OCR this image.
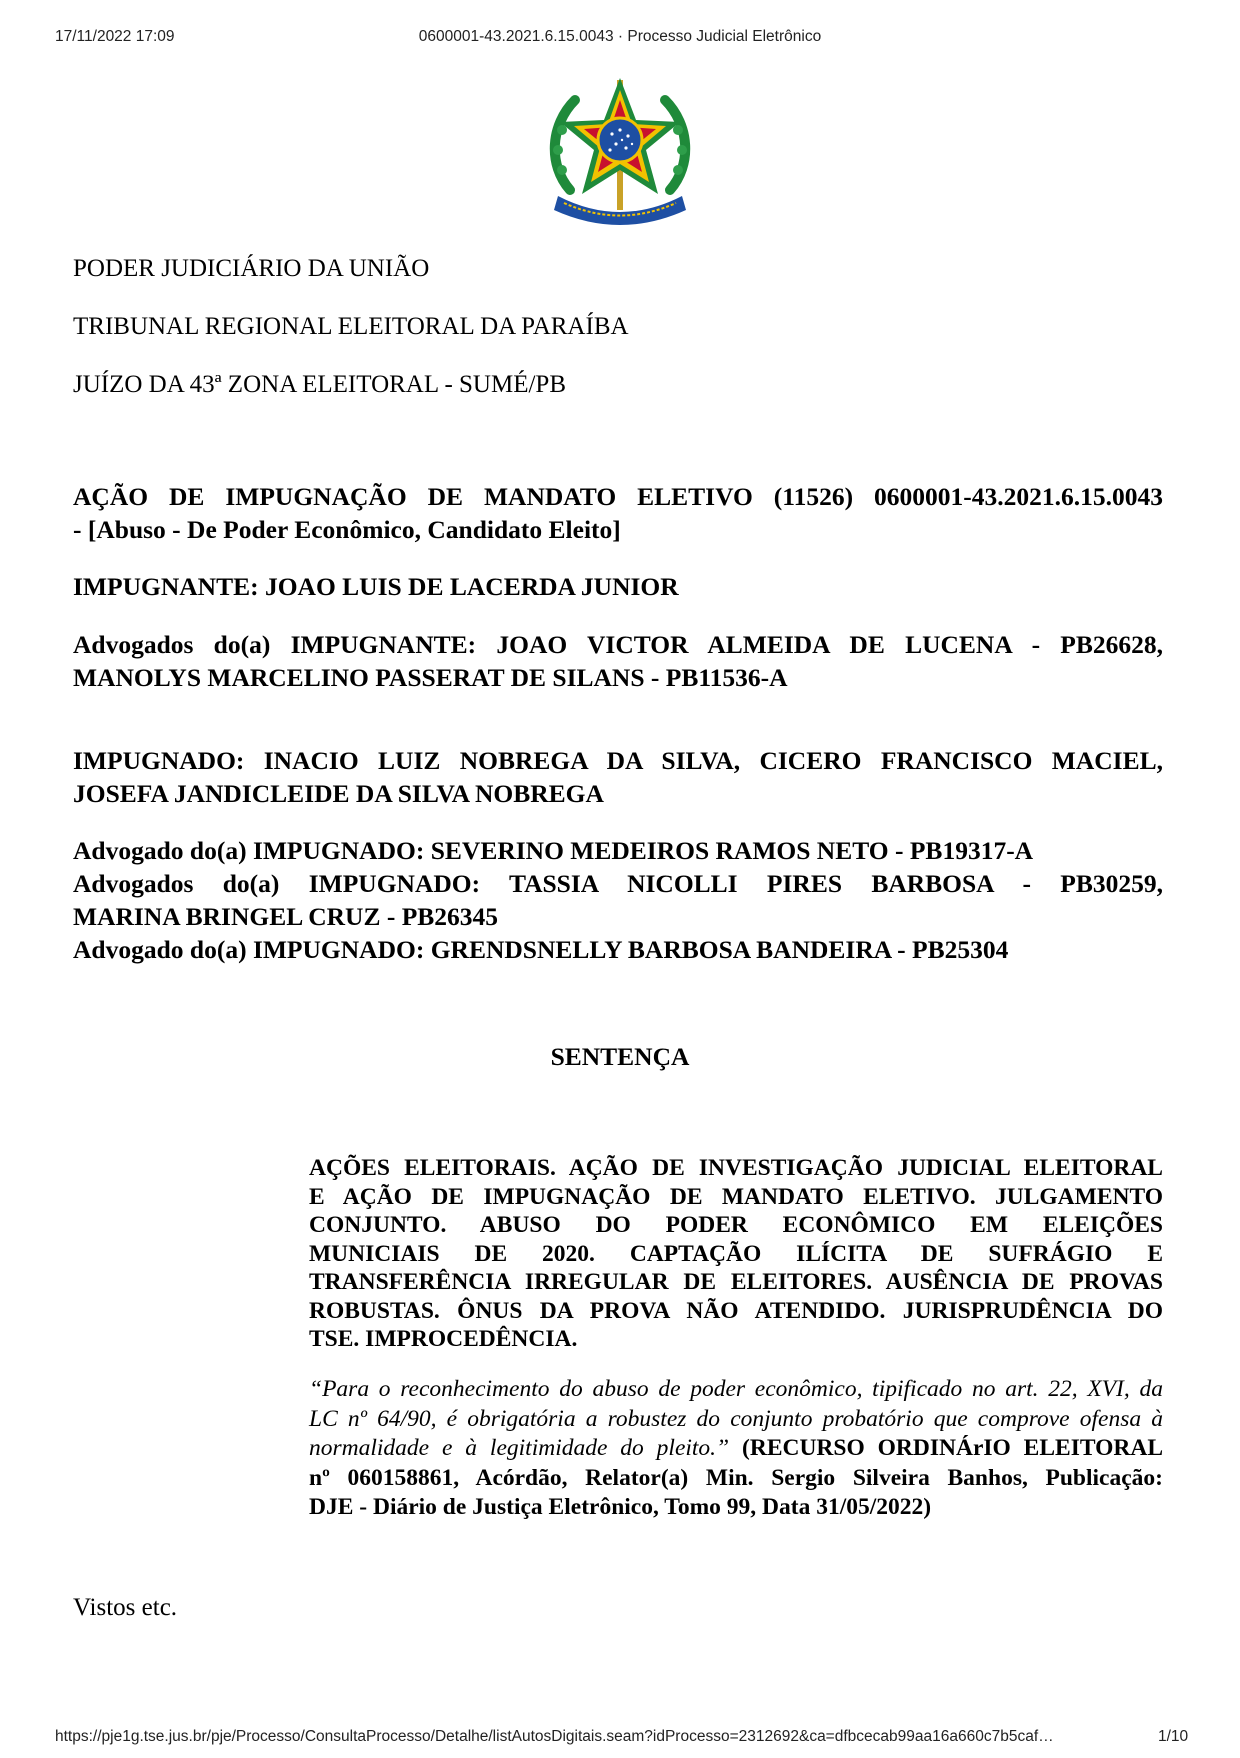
17/11/2022 17:09	0600001-43.2021.6.15.0043 · Processo Judicial Eletrônico
PODER JUDICIÁRIO DA UNIÃO
TRIBUNAL REGIONAL ELEITORAL DA PARAÍBA
JUÍZO DA 43ª ZONA ELEITORAL - SUMÉ/PB
AÇÃO DE IMPUGNAÇÃO DE MANDATO ELETIVO (11526) 0600001-43.2021.6.15.0043
- [Abuso - De Poder Econômico, Candidato Eleito]
IMPUGNANTE: JOAO LUIS DE LACERDA JUNIOR
Advogados do(a) IMPUGNANTE: JOAO VICTOR ALMEIDA DE LUCENA - PB26628,
MANOLYS MARCELINO PASSERAT DE SILANS - PB11536-A
IMPUGNADO: INACIO LUIZ NOBREGA DA SILVA, CICERO FRANCISCO MACIEL,
JOSEFA JANDICLEIDE DA SILVA NOBREGA
Advogado do(a) IMPUGNADO: SEVERINO MEDEIROS RAMOS NETO - PB19317-A
Advogados do(a) IMPUGNADO: TASSIA NICOLLI PIRES BARBOSA - PB30259,
MARINA BRINGEL CRUZ - PB26345
Advogado do(a) IMPUGNADO: GRENDSNELLY BARBOSA BANDEIRA - PB25304
SENTENÇA
AÇÕES ELEITORAIS. AÇÃO DE INVESTIGAÇÃO JUDICIAL ELEITORAL
E AÇÃO DE IMPUGNAÇÃO DE MANDATO ELETIVO. JULGAMENTO
CONJUNTO. ABUSO DO PODER ECONÔMICO EM ELEIÇÕES
MUNICIAIS DE 2020. CAPTAÇÃO ILÍCITA DE SUFRÁGIO E
TRANSFERÊNCIA IRREGULAR DE ELEITORES. AUSÊNCIA DE PROVAS
ROBUSTAS. ÔNUS DA PROVA NÃO ATENDIDO. JURISPRUDÊNCIA DO
TSE. IMPROCEDÊNCIA.
“Para o reconhecimento do abuso de poder econômico, tipificado no art. 22, XVI, da
LC nº 64/90, é obrigatória a robustez do conjunto probatório que comprove ofensa à
normalidade e à legitimidade do pleito.” (RECURSO ORDINÁrIO ELEITORAL
nº 060158861, Acórdão, Relator(a) Min. Sergio Silveira Banhos, Publicação:
DJE - Diário de Justiça Eletrônico, Tomo 99, Data 31/05/2022)
Vistos etc.
https://pje1g.tse.jus.br/pje/Processo/ConsultaProcesso/Detalhe/listAutosDigitais.seam?idProcesso=2312692&ca=dfbcecab99aa16a660c7b5caf…	1/10
